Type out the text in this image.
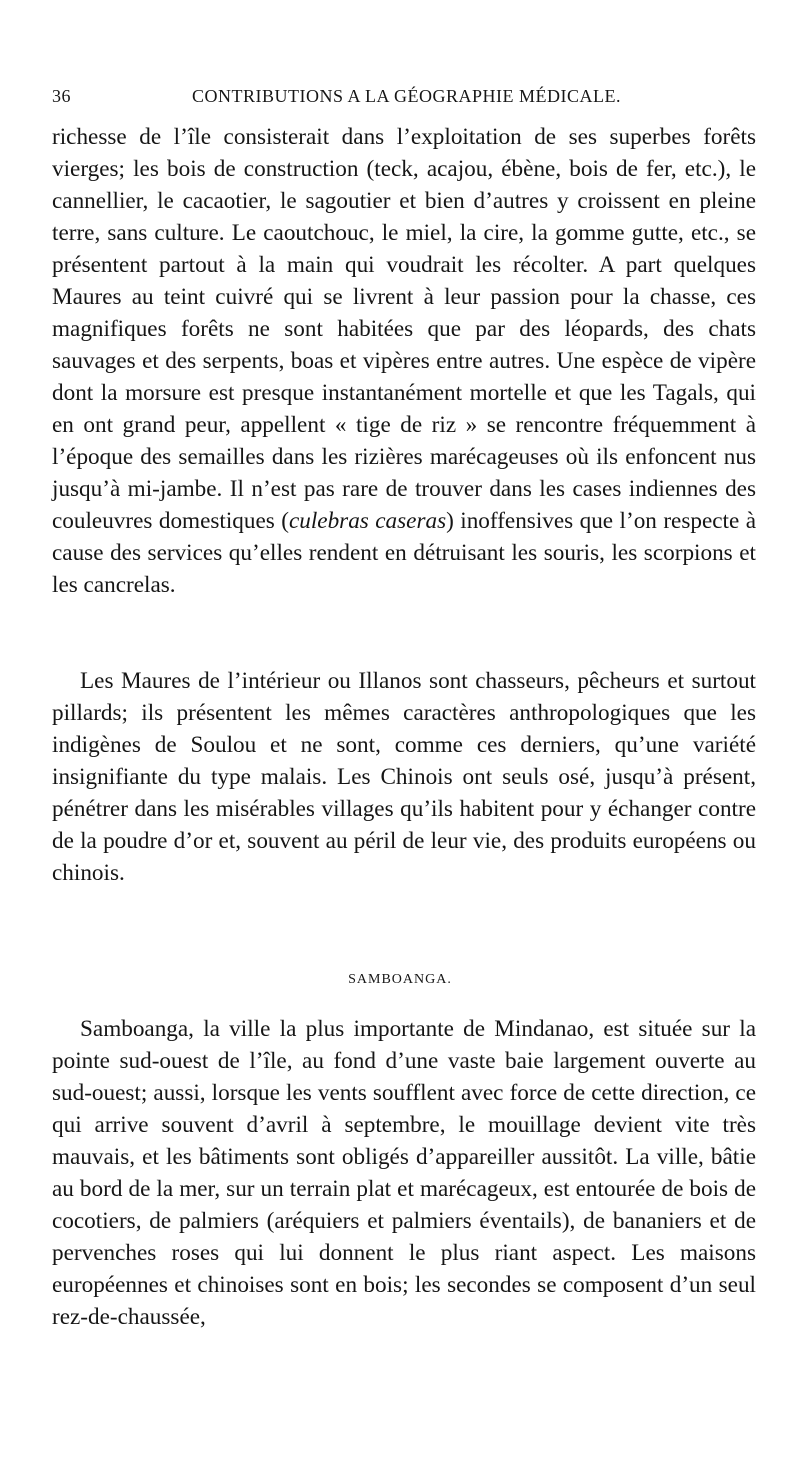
36	CONTRIBUTIONS A LA GÉOGRAPHIE MÉDICALE.

richesse de l’île consisterait dans l’exploitation de ses superbes forêts vierges; les bois de construction (teck, acajou, ébène, bois de fer, etc.), le cannellier, le cacaotier, le sagoutier et bien d’autres y croissent en pleine terre, sans culture. Le caoutchouc, le miel, la cire, la gomme gutte, etc., se présentent partout à la main qui voudrait les récolter. A part quelques Maures au teint cuivré qui se livrent à leur passion pour la chasse, ces magnifiques forêts ne sont habitées que par des léopards, des chats sauvages et des serpents, boas et vipères entre autres. Une espèce de vipère dont la morsure est presque instantanément mortelle et que les Tagals, qui en ont grand peur, appellent « tige de riz » se rencontre fréquemment à l’époque des semailles dans les rizières marécageuses où ils enfoncent nus jusqu’à mi-jambe. Il n’est pas rare de trouver dans les cases indiennes des couleuvres domestiques (culebras caseras) inoffensives que l’on respecte à cause des services qu’elles rendent en détruisant les souris, les scorpions et les cancrelas.

Les Maures de l’intérieur ou Illanos sont chasseurs, pêcheurs et surtout pillards; ils présentent les mêmes caractères anthropologiques que les indigènes de Soulou et ne sont, comme ces derniers, qu’une variété insignifiante du type malais. Les Chinois ont seuls osé, jusqu’à présent, pénétrer dans les misérables villages qu’ils habitent pour y échanger contre de la poudre d’or et, souvent au péril de leur vie, des produits européens ou chinois.

SAMBOANGA.

Samboanga, la ville la plus importante de Mindanao, est située sur la pointe sud-ouest de l’île, au fond d’une vaste baie largement ouverte au sud-ouest; aussi, lorsque les vents soufflent avec force de cette direction, ce qui arrive souvent d’avril à septembre, le mouillage devient vite très mauvais, et les bâtiments sont obligés d’appareiller aussitôt. La ville, bâtie au bord de la mer, sur un terrain plat et marécageux, est entourée de bois de cocotiers, de palmiers (aréquiers et palmiers éventails), de bananiers et de pervenches roses qui lui donnent le plus riant aspect. Les maisons européennes et chinoises sont en bois; les secondes se composent d’un seul rez-de-chaussée,
